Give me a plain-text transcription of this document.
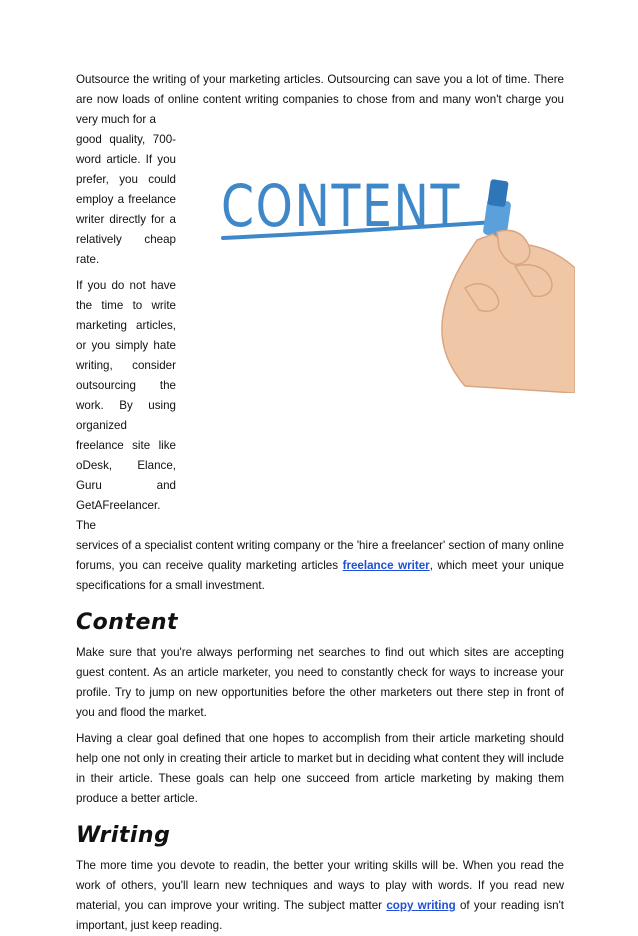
CONTENT

Outsource the writing of your marketing articles. Outsourcing can save you a lot of time. There are now loads of online content writing companies to chose from and many won't charge you very much for a

good quality, 700-word article. If you prefer, you could employ a freelance writer directly for a relatively cheap rate.

If you do not have the time to write marketing articles, or you simply hate writing, consider outsourcing the work. By using organized freelance site like oDesk, Elance, Guru and GetAFreelancer. The

services of a specialist content writing company or the 'hire a freelancer' section of many online forums, you can receive quality marketing articles freelance writer, which meet your unique specifications for a small investment.

Content

Make sure that you're always performing net searches to find out which sites are accepting guest content. As an article marketer, you need to constantly check for ways to increase your profile. Try to jump on new opportunities before the other marketers out there step in front of you and flood the market.

Having a clear goal defined that one hopes to accomplish from their article marketing should help one not only in creating their article to market but in deciding what content they will include in their article. These goals can help one succeed from article marketing by making them produce a better article.

Writing

The more time you devote to readin, the better your writing skills will be. When you read the work of others, you'll learn new techniques and ways to play with words. If you read new material, you can improve your writing. The subject matter copy writing of your reading isn't important, just keep reading.
